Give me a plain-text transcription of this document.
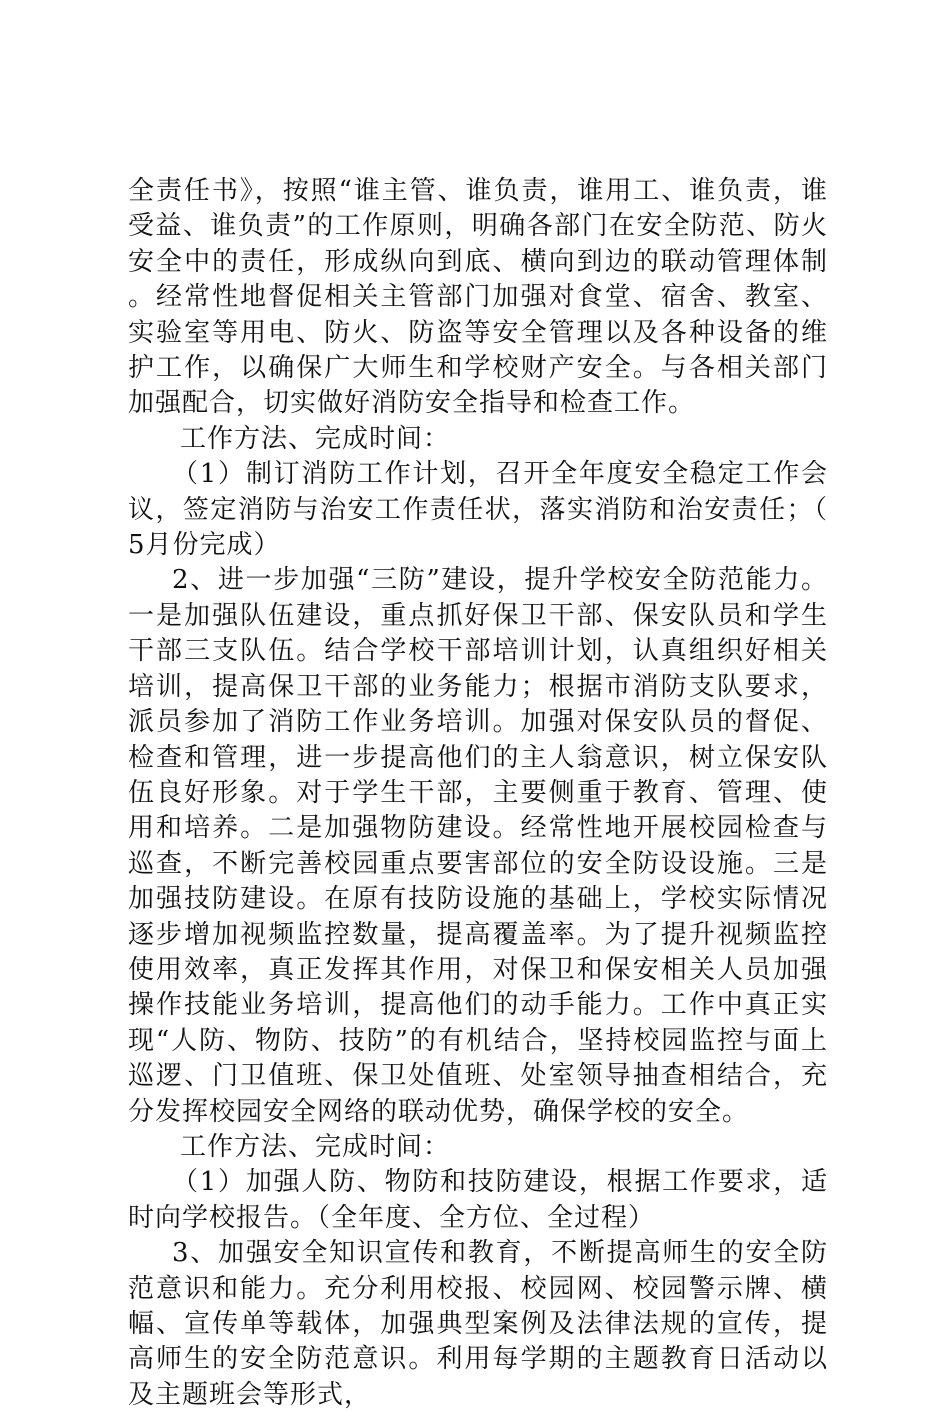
全责任书》，按照“谁主管、谁负责，谁用工、谁负责，谁受益、谁负责”的工作原则，明确各部门在安全防范、防火安全中的责任，形成纵向到底、横向到边的联动管理体制。经常性地督促相关主管部门加强对食堂、宿舍、教室、实验室等用电、防火、防盗等安全管理以及各种设备的维护工作，以确保广大师生和学校财产安全。与各相关部门加强配合，切实做好消防安全指导和检查工作。

工作方法、完成时间：

（1）制订消防工作计划，召开全年度安全稳定工作会议，签定消防与治安工作责任状，落实消防和治安责任；（5月份完成）

2、进一步加强“三防”建设，提升学校安全防范能力。一是加强队伍建设，重点抓好保卫干部、保安队员和学生干部三支队伍。结合学校干部培训计划，认真组织好相关培训，提高保卫干部的业务能力；根据市消防支队要求，派员参加了消防工作业务培训。加强对保安队员的督促、检查和管理，进一步提高他们的主人翁意识，树立保安队伍良好形象。对于学生干部，主要侧重于教育、管理、使用和培养。二是加强物防建设。经常性地开展校园检查与巡查，不断完善校园重点要害部位的安全防设设施。三是加强技防建设。在原有技防设施的基础上，学校实际情况逐步增加视频监控数量，提高覆盖率。为了提升视频监控使用效率，真正发挥其作用，对保卫和保安相关人员加强操作技能业务培训，提高他们的动手能力。工作中真正实现“人防、物防、技防”的有机结合，坚持校园监控与面上巡逻、门卫值班、保卫处值班、处室领导抽查相结合，充分发挥校园安全网络的联动优势，确保学校的安全。

工作方法、完成时间：

（1）加强人防、物防和技防建设，根据工作要求，适时向学校报告。（全年度、全方位、全过程）

3、加强安全知识宣传和教育，不断提高师生的安全防范意识和能力。充分利用校报、校园网、校园警示牌、横幅、宣传单等载体，加强典型案例及法律法规的宣传，提高师生的安全防范意识。利用每学期的主题教育日活动以及主题班会等形式，
